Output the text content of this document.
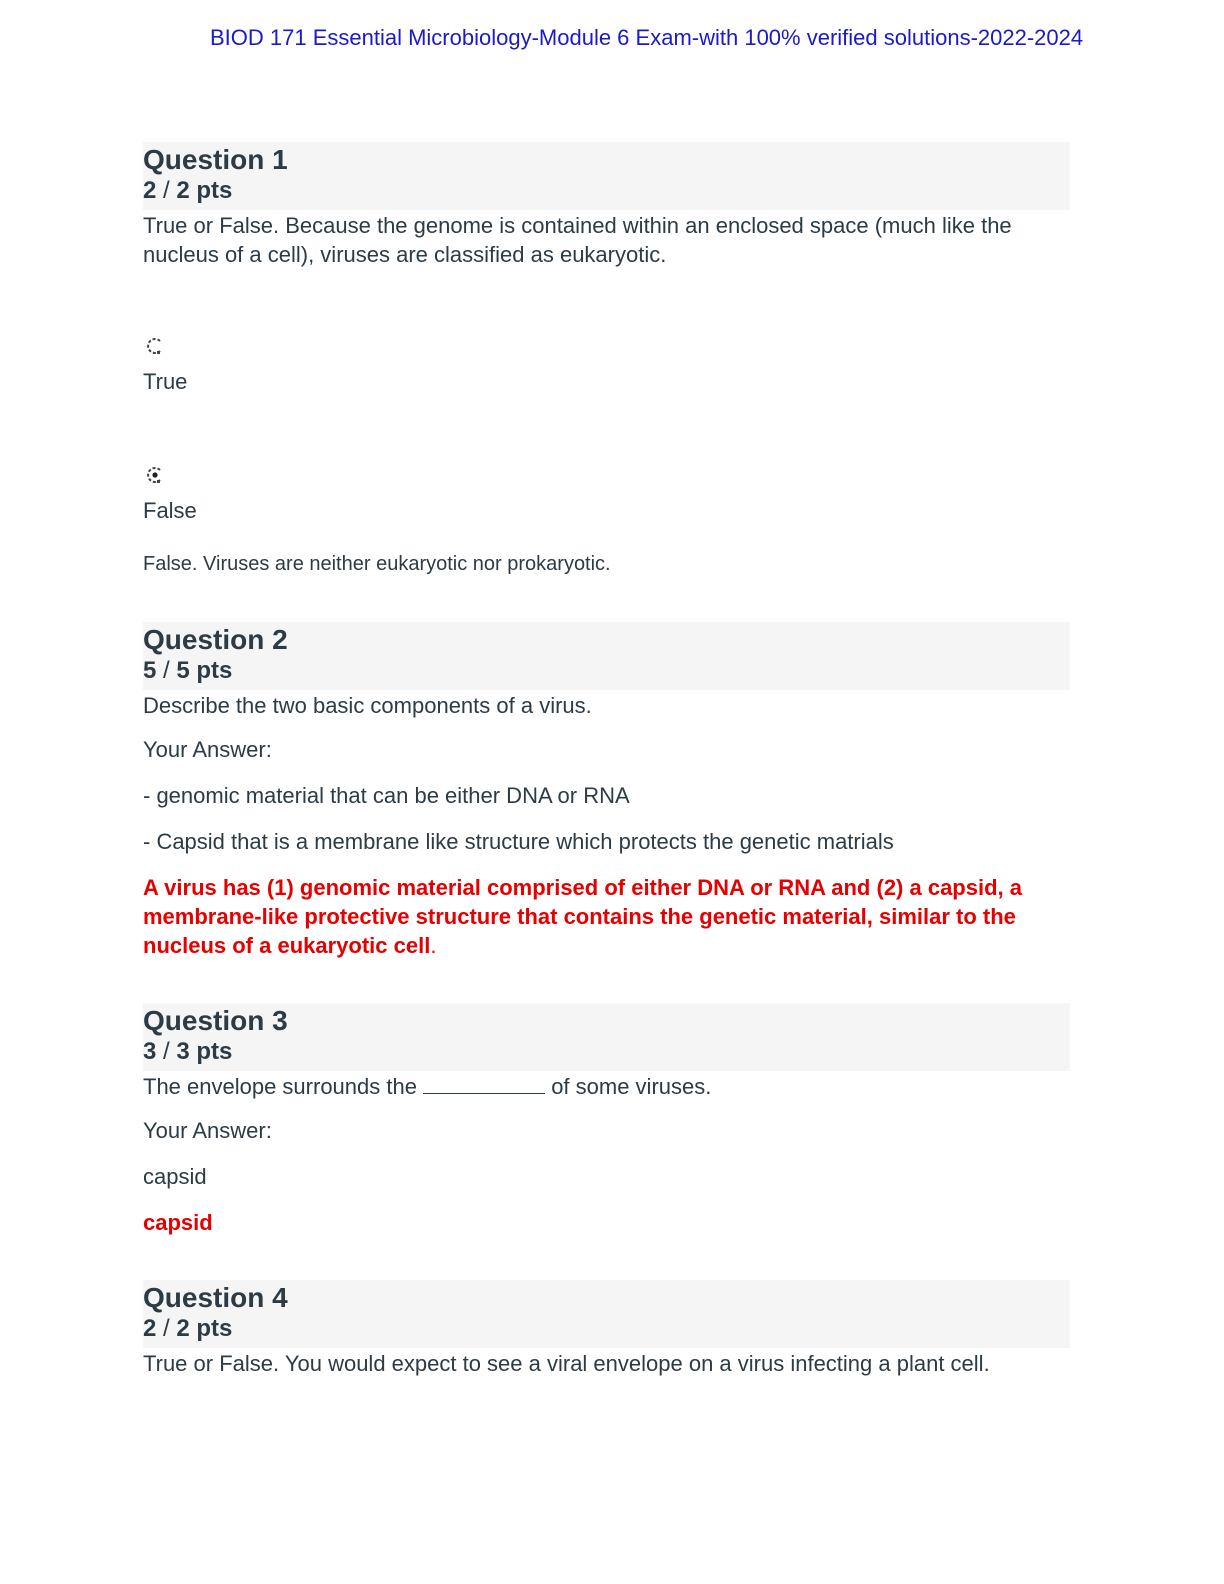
BIOD 171 Essential Microbiology-Module 6 Exam-with 100% verified solutions-2022-2024
Question 1
2 / 2 pts
True or False. Because the genome is contained within an enclosed space (much like the nucleus of a cell), viruses are classified as eukaryotic.
True
False
False. Viruses are neither eukaryotic nor prokaryotic.
Question 2
5 / 5 pts
Describe the two basic components of a virus.
Your Answer:
- genomic material that can be either DNA or RNA
- Capsid that is a membrane like structure which protects the genetic matrials
A virus has (1) genomic material comprised of either DNA or RNA and (2) a capsid, a membrane-like protective structure that contains the genetic material, similar to the nucleus of a eukaryotic cell.
Question 3
3 / 3 pts
The envelope surrounds the	of some viruses.
Your Answer:
capsid
capsid
Question 4
2 / 2 pts
True or False. You would expect to see a viral envelope on a virus infecting a plant cell.
